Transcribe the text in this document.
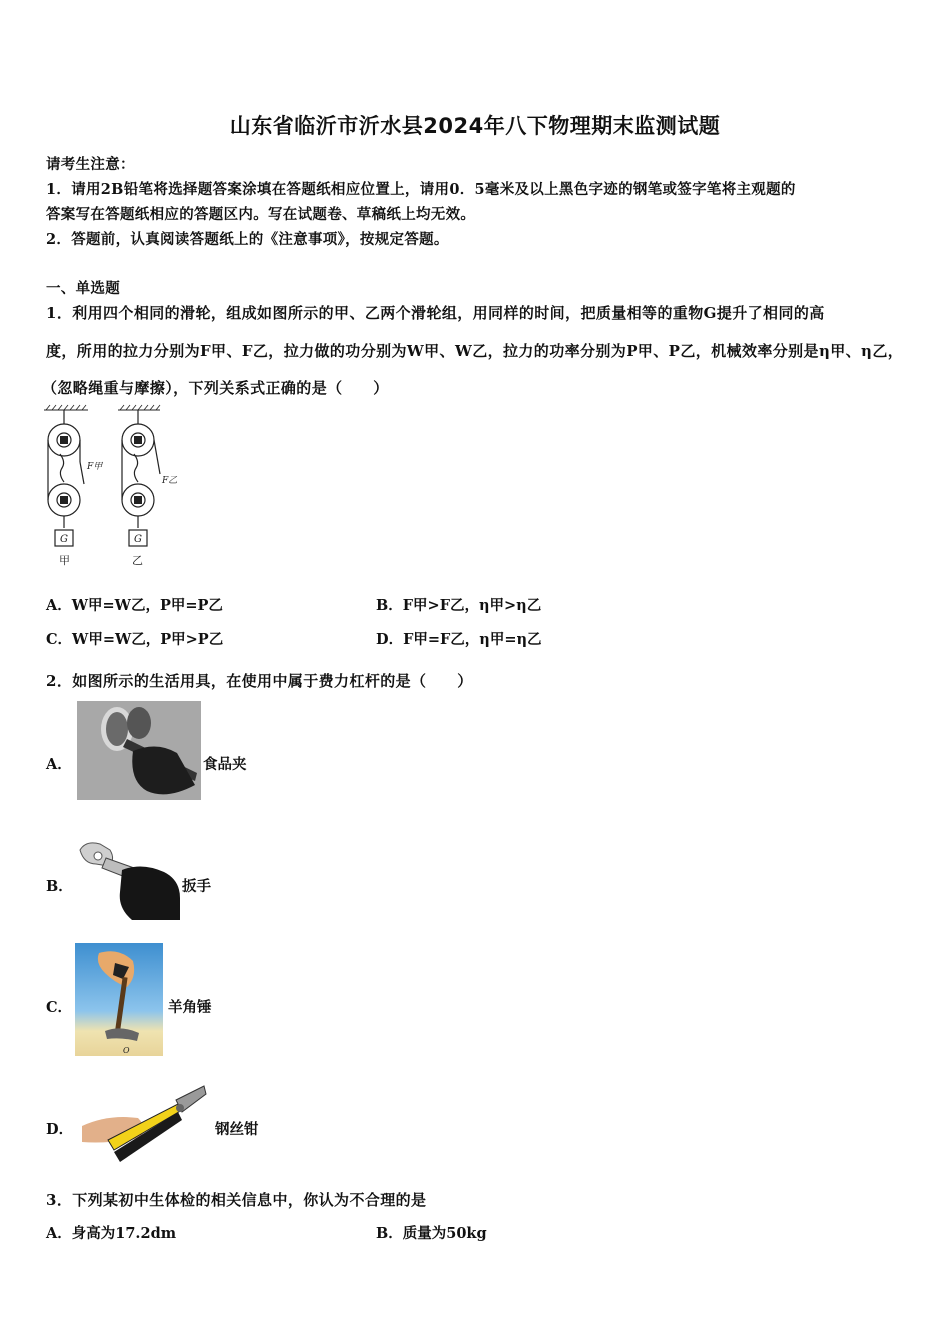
山东省临沂市沂水县2024年八下物理期末监测试题
请考生注意：
1．请用2B铅笔将选择题答案涂填在答题纸相应位置上，请用0．5毫米及以上黑色字迹的钢笔或签字笔将主观题的
答案写在答题纸相应的答题区内。写在试题卷、草稿纸上均无效。
2．答题前，认真阅读答题纸上的《注意事项》，按规定答题。
一、单选题
1．利用四个相同的滑轮，组成如图所示的甲、乙两个滑轮组，用同样的时间，把质量相等的重物G提升了相同的高
度，所用的拉力分别为F甲、F乙，拉力做的功分别为W甲、W乙，拉力的功率分别为P甲、P乙，机械效率分别是η甲、η乙，
（忽略绳重与摩擦），下列关系式正确的是（　　）
F甲
F乙
G	G
甲	乙
A．W甲=W乙，P甲=P乙	B．F甲>F乙，η甲>η乙
C．W甲=W乙，P甲>P乙	D．F甲=F乙，η甲=η乙
2．如图所示的生活用具，在使用中属于费力杠杆的是（　　）
A．	食品夹
B．	扳手
C．
O
羊角锤
D．	钢丝钳
3．下列某初中生体检的相关信息中，你认为不合理的是
A．身高为17.2dm	B．质量为50kg
